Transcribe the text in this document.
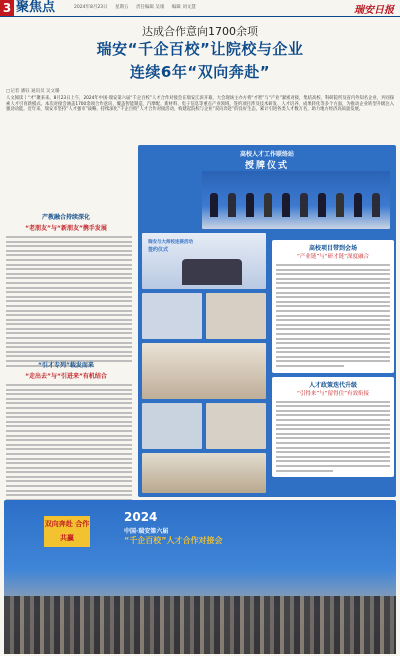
3 聚焦点	2024年8月23日 星期五 责任编辑 吴康 编辑 刘文慧	瑞安日报
达成合作意向1700余项
瑞安“千企百校”让院校与企业
连续6年“双向奔赴”
□记者 潘钰 通讯员 吴文璐
人文阅读丨“才”聚来来。8月23日上午，2024年中国·瑞安第六届“千企百校”人才合作对接会在瑞安江滨开幕，大会现场主办方将“才智”与“产业”紧密对接，集结高校、科研院所及省内外知名企业，共同探索人才引育新模式。本次对接会涵盖1700余项合作意向，覆盖智能制造、汽摩配、新材料、电子信息等重点产业领域，签约项目涉及技术研发、人才培养、成果转化等多个方面，为推动企业转型升级注入强劲动能。近年来，瑞安市坚持“人才强市”战略，持续深化“千企百校”人才合作对接活动，构建起院校与企业“双向奔赴”的良好生态，累计引进各类人才数万名，助力地方经济高质量发展。
产教融合持续深化
“老朋友”与“新朋友”携手发展
“引才专列”载发而来
“走出去”与“引进来”有机结合
高校人才工作联络站
授牌仪式
瑞安与大师校连接活动
签约仪式	高校项目带到会场
“产业链”与“研才链”深度融合
人才政策迭代升级
“引得来”与“留得住”有效衔接
双向奔赴 合作共赢
2024
中国·瑞安第六届
“千企百校”人才合作对接会
